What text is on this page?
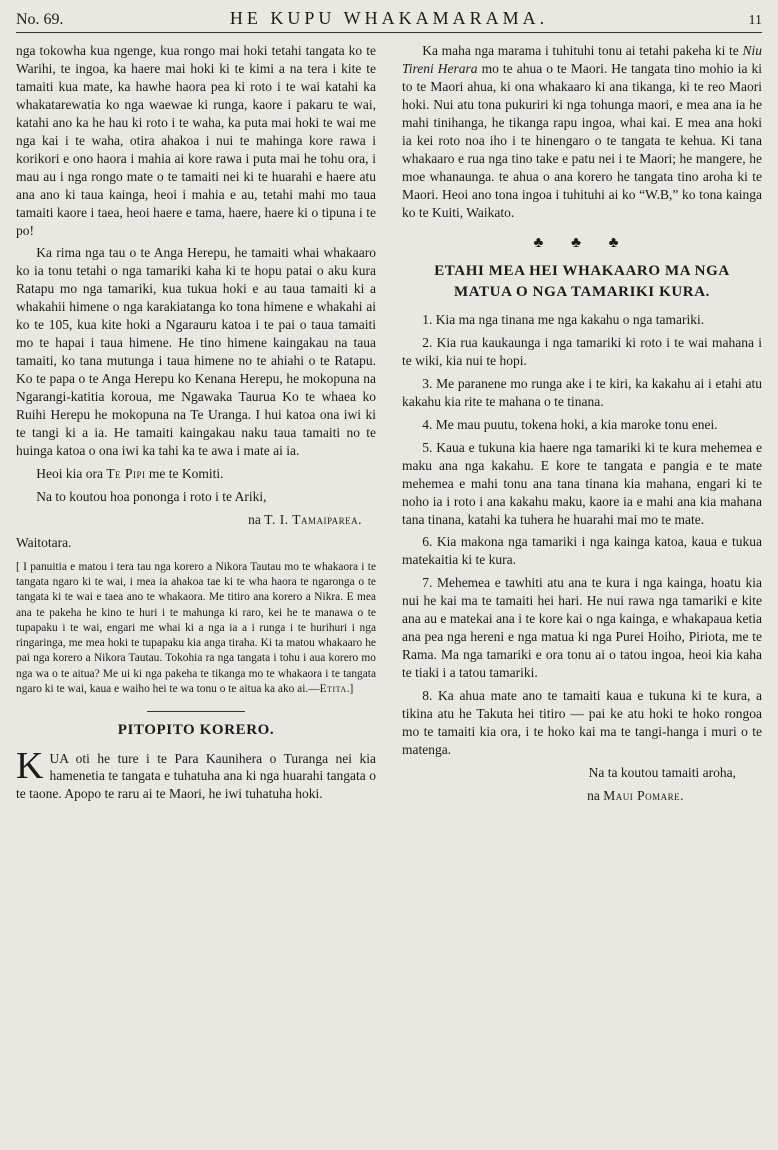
No. 69.	HE KUPU WHAKAMARAMA.	11

nga tokowha kua ngenge, kua rongo mai hoki tetahi tangata ko te Warihi, te ingoa, ka haere mai hoki ki te kimi a na tera i kite te tamaiti kua mate, ka hawhe haora pea ki roto i te wai katahi ka whakatarewatia ko nga waewae ki runga, kaore i pakaru te wai, katahi ano ka he hau ki roto i te waha, ka puta mai hoki te wai me nga kai i te waha, otira ahakoa i nui te mahinga kore rawa i korikori e ono haora i mahia ai kore rawa i puta mai he tohu ora, i mau au i nga rongo mate o te tamaiti nei ki te huarahi e haere atu ana ano ki taua kainga, heoi i mahia e au, tetahi mahi mo taua tamaiti kaore i taea, heoi haere e tama, haere, haere ki o tipuna i te po!

Ka rima nga tau o te Anga Herepu, he tamaiti whai whakaaro ko ia tonu tetahi o nga tamariki kaha ki te hopu patai o aku kura Ratapu mo nga tamariki, kua tukua hoki e au taua tamaiti ki a whakahii himene o nga karakiatanga ko tona himene e whakahi ai ko te 105, kua kite hoki a Ngarauru katoa i te pai o taua tamaiti mo te hapai i taua himene. He tino himene kaingakau na taua tamaiti, ko tana mutunga i taua himene no te ahiahi o te Ratapu. Ko te papa o te Anga Herepu ko Kenana Herepu, he mokopuna na Ngarangi-katitia koroua, me Ngawaka Taurua Ko te whaea ko Ruihi Herepu he mokopuna na Te Uranga. I hui katoa ona iwi ki te tangi ki a ia. He tamaiti kaingakau naku taua tamaiti no te huinga katoa o ona iwi ka tahi ka te awa i mate ai ia.

Heoi kia ora Te Pipi me te Komiti.

Na to koutou hoa pononga i roto i te Ariki,

na T. I. Tamaiparea.

Waitotara.

[ I panuitia e matou i tera tau nga korero a Nikora Tautau mo te whakaora i te tangata ngaro ki te wai, i mea ia ahakoa tae ki te wha haora te ngaronga o te tangata ki te wai e taea ano te whakaora. Me titiro ana korero a Nikra. E mea ana te pakeha he kino te huri i te mahunga ki raro, kei he te manawa o te tupapaku i te wai, engari me whai ki a nga ia a i runga i te hurihuri i nga ringaringa, me mea hoki te tupapaku kia anga tiraha. Ki ta matou whakaaro he pai nga korero a Nikora Tautau. Tokohia ra nga tangata i tohu i aua korero mo nga wa o te aitua? Me ui ki nga pakeha te tikanga mo te whakaora i te tangata ngaro ki te wai, kaua e waiho hei te wa tonu o te aitua ka ako ai.—Etita.]

PITOPITO KORERO.

KUA oti he ture i te Para Kaunihera o Turanga nei kia hamenetia te tangata e tuhatuha ana ki nga huarahi tangata o te taone. Apopo te raru ai te Maori, he iwi tuhatuha hoki.

Ka maha nga marama i tuhituhi tonu ai tetahi pakeha ki te Niu Tireni Herara mo te ahua o te Maori. He tangata tino mohio ia ki to te Maori ahua, ki ona whakaaro ki ana tikanga, ki te reo Maori hoki. Nui atu tona pukuriri ki nga tohunga maori, e mea ana ia he mahi tinihanga, he tikanga rapu ingoa, whai kai. E mea ana hoki ia kei roto noa iho i te hinengaro o te tangata te kehua. Ki tana whakaaro e rua nga tino take e patu nei i te Maori; he mangere, he moe whanaunga. te ahua o ana korero he tangata tino aroha ki te Maori. Heoi ano tona ingoa i tuhituhi ai ko “W.B,” ko tona kainga ko te Kuiti, Waikato.

♣ ♣ ♣

ETAHI MEA HEI WHAKAARO MA NGA MATUA O NGA TAMARIKI KURA.

1. Kia ma nga tinana me nga kakahu o nga tamariki.

2. Kia rua kaukaunga i nga tamariki ki roto i te wai mahana i te wiki, kia nui te hopi.

3. Me paranene mo runga ake i te kiri, ka kakahu ai i etahi atu kakahu kia rite te mahana o te tinana.

4. Me mau puutu, tokena hoki, a kia maroke tonu enei.

5. Kaua e tukuna kia haere nga tamariki ki te kura mehemea e maku ana nga kakahu. E kore te tangata e pangia e te mate mehemea e mahi tonu ana tana tinana kia mahana, engari ki te noho ia i roto i ana kakahu maku, kaore ia e mahi ana kia mahana tana tinana, katahi ka tuhera he huarahi mai mo te mate.

6. Kia makona nga tamariki i nga kainga katoa, kaua e tukua matekaitia ki te kura.

7. Mehemea e tawhiti atu ana te kura i nga kainga, hoatu kia nui he kai ma te tamaiti hei hari. He nui rawa nga tamariki e kite ana au e matekai ana i te kore kai o nga kainga, e whakapaua ketia ana pea nga hereni e nga matua ki nga Purei Hoiho, Piriota, me te Rama. Ma nga tamariki e ora tonu ai o tatou ingoa, heoi kia kaha te tiaki i a tatou tamariki.

8. Ka ahua mate ano te tamaiti kaua e tukuna ki te kura, a tikina atu he Takuta hei titiro — pai ke atu hoki te hoko rongoa mo te tamaiti kia ora, i te hoko kai ma te tangi-hanga i muri o te matenga.

Na ta koutou tamaiti aroha,

na Maui Pomare.
